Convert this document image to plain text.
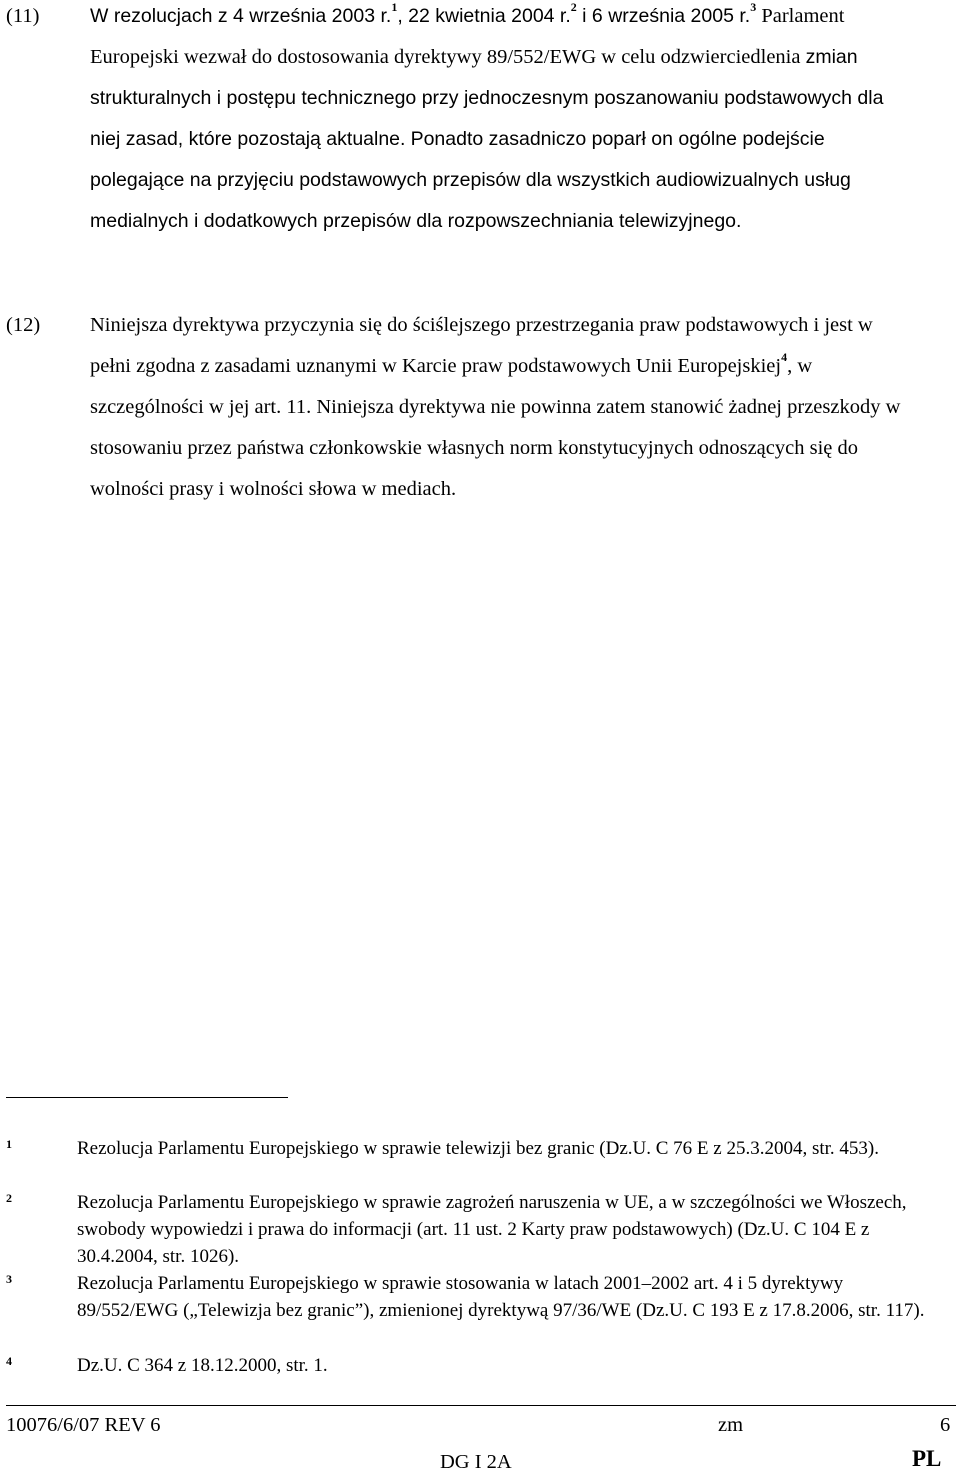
(11)	W rezolucjach z 4 września 2003 r.$^1$, 22 kwietnia 2004 r.$^2$ i 6 września 2005 r.$^3$ Parlament Europejski wezwał do dostosowania dyrektywy 89/552/EWG w celu odzwierciedlenia zmian strukturalnych i postępu technicznego przy jednoczesnym poszanowaniu podstawowych dla niej zasad, które pozostają aktualne. Ponadto zasadniczo poparł on ogólne podejście polegające na przyjęciu podstawowych przepisów dla wszystkich audiowizualnych usług medialnych i dodatkowych przepisów dla rozpowszechniania telewizyjnego.
(12) Niniejsza dyrektywa przyczynia się do ściślejszego przestrzegania praw podstawowych i jest w pełni zgodna z zasadami uznanymi w Karcie praw podstawowych Unii Europejskiej$^4$, w szczególności w jej art. 11. Niniejsza dyrektywa nie powinna zatem stanowić żadnej przeszkody w stosowaniu przez państwa członkowskie własnych norm konstytucyjnych odnoszących się do wolności prasy i wolności słowa w mediach.
1	Rezolucja Parlamentu Europejskiego w sprawie telewizji bez granic (Dz.U. C 76 E z 25.3.2004, str. 453).
2	Rezolucja Parlamentu Europejskiego w sprawie zagrożeń naruszenia w UE, a w szczególności we Włoszech, swobody wypowiedzi i prawa do informacji (art. 11 ust. 2 Karty praw podstawowych) (Dz.U. C 104 E z 30.4.2004, str. 1026).
3	Rezolucja Parlamentu Europejskiego w sprawie stosowania w latach 2001–2002 art. 4 i 5 dyrektywy 89/552/EWG („Telewizja bez granic”), zmienionej dyrektywą 97/36/WE (Dz.U. C 193 E z 17.8.2006, str. 117).
4	Dz.U. C 364 z 18.12.2000, str. 1.
10076/6/07 REV 6	zm	6
DG I 2A	PL
